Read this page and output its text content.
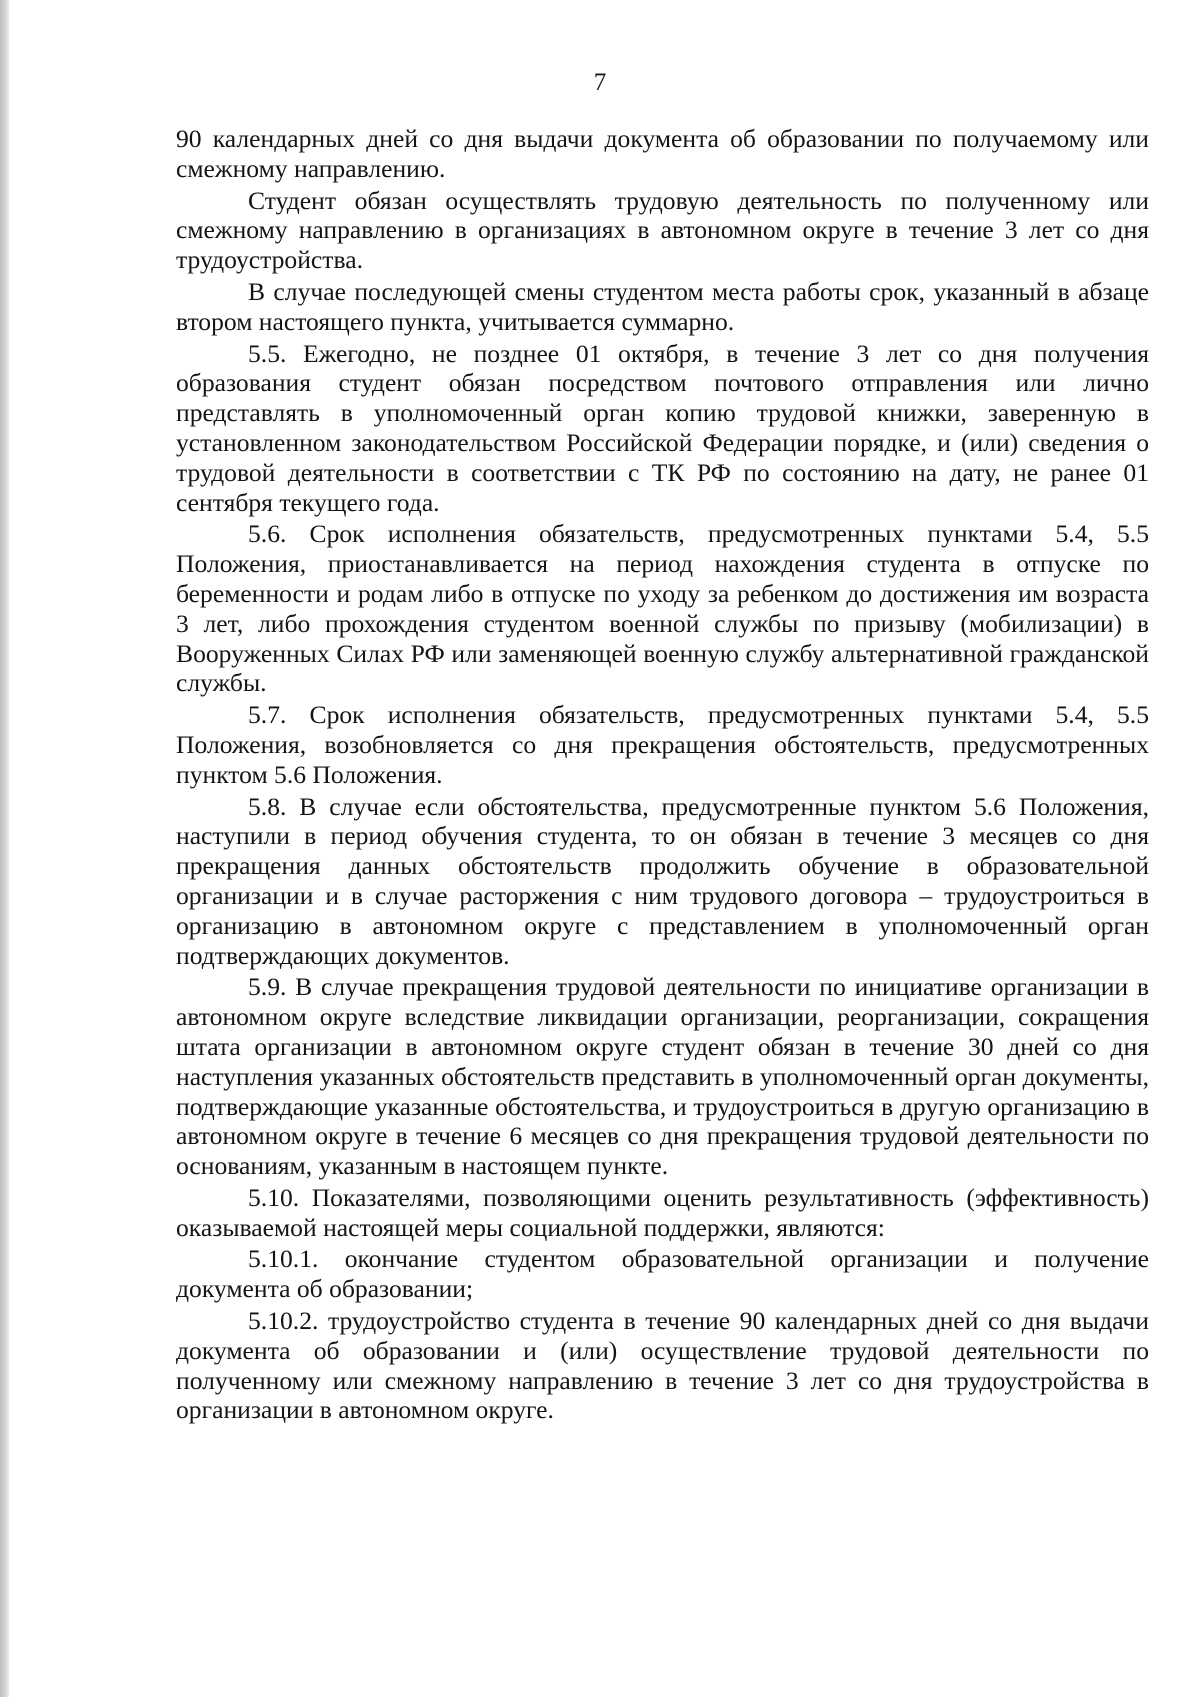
7

90 календарных дней со дня выдачи документа об образовании по получаемому или смежному направлению.

Студент обязан осуществлять трудовую деятельность по полученному или смежному направлению в организациях в автономном округе в течение 3 лет со дня трудоустройства.

В случае последующей смены студентом места работы срок, указанный в абзаце втором настоящего пункта, учитывается суммарно.

5.5. Ежегодно, не позднее 01 октября, в течение 3 лет со дня получения образования студент обязан посредством почтового отправления или лично представлять в уполномоченный орган копию трудовой книжки, заверенную в установленном законодательством Российской Федерации порядке, и (или) сведения о трудовой деятельности в соответствии с ТК РФ по состоянию на дату, не ранее 01 сентября текущего года.

5.6. Срок исполнения обязательств, предусмотренных пунктами 5.4, 5.5 Положения, приостанавливается на период нахождения студента в отпуске по беременности и родам либо в отпуске по уходу за ребенком до достижения им возраста 3 лет, либо прохождения студентом военной службы по призыву (мобилизации) в Вооруженных Силах РФ или заменяющей военную службу альтернативной гражданской службы.

5.7. Срок исполнения обязательств, предусмотренных пунктами 5.4, 5.5 Положения, возобновляется со дня прекращения обстоятельств, предусмотренных пунктом 5.6 Положения.

5.8. В случае если обстоятельства, предусмотренные пунктом 5.6 Положения, наступили в период обучения студента, то он обязан в течение 3 месяцев со дня прекращения данных обстоятельств продолжить обучение в образовательной организации и в случае расторжения с ним трудового договора – трудоустроиться в организацию в автономном округе с представлением в уполномоченный орган подтверждающих документов.

5.9. В случае прекращения трудовой деятельности по инициативе организации в автономном округе вследствие ликвидации организации, реорганизации, сокращения штата организации в автономном округе студент обязан в течение 30 дней со дня наступления указанных обстоятельств представить в уполномоченный орган документы, подтверждающие указанные обстоятельства, и трудоустроиться в другую организацию в автономном округе в течение 6 месяцев со дня прекращения трудовой деятельности по основаниям, указанным в настоящем пункте.

5.10. Показателями, позволяющими оценить результативность (эффективность) оказываемой настоящей меры социальной поддержки, являются:

5.10.1. окончание студентом образовательной организации и получение документа об образовании;

5.10.2. трудоустройство студента в течение 90 календарных дней со дня выдачи документа об образовании и (или) осуществление трудовой деятельности по полученному или смежному направлению в течение 3 лет со дня трудоустройства в организации в автономном округе.
